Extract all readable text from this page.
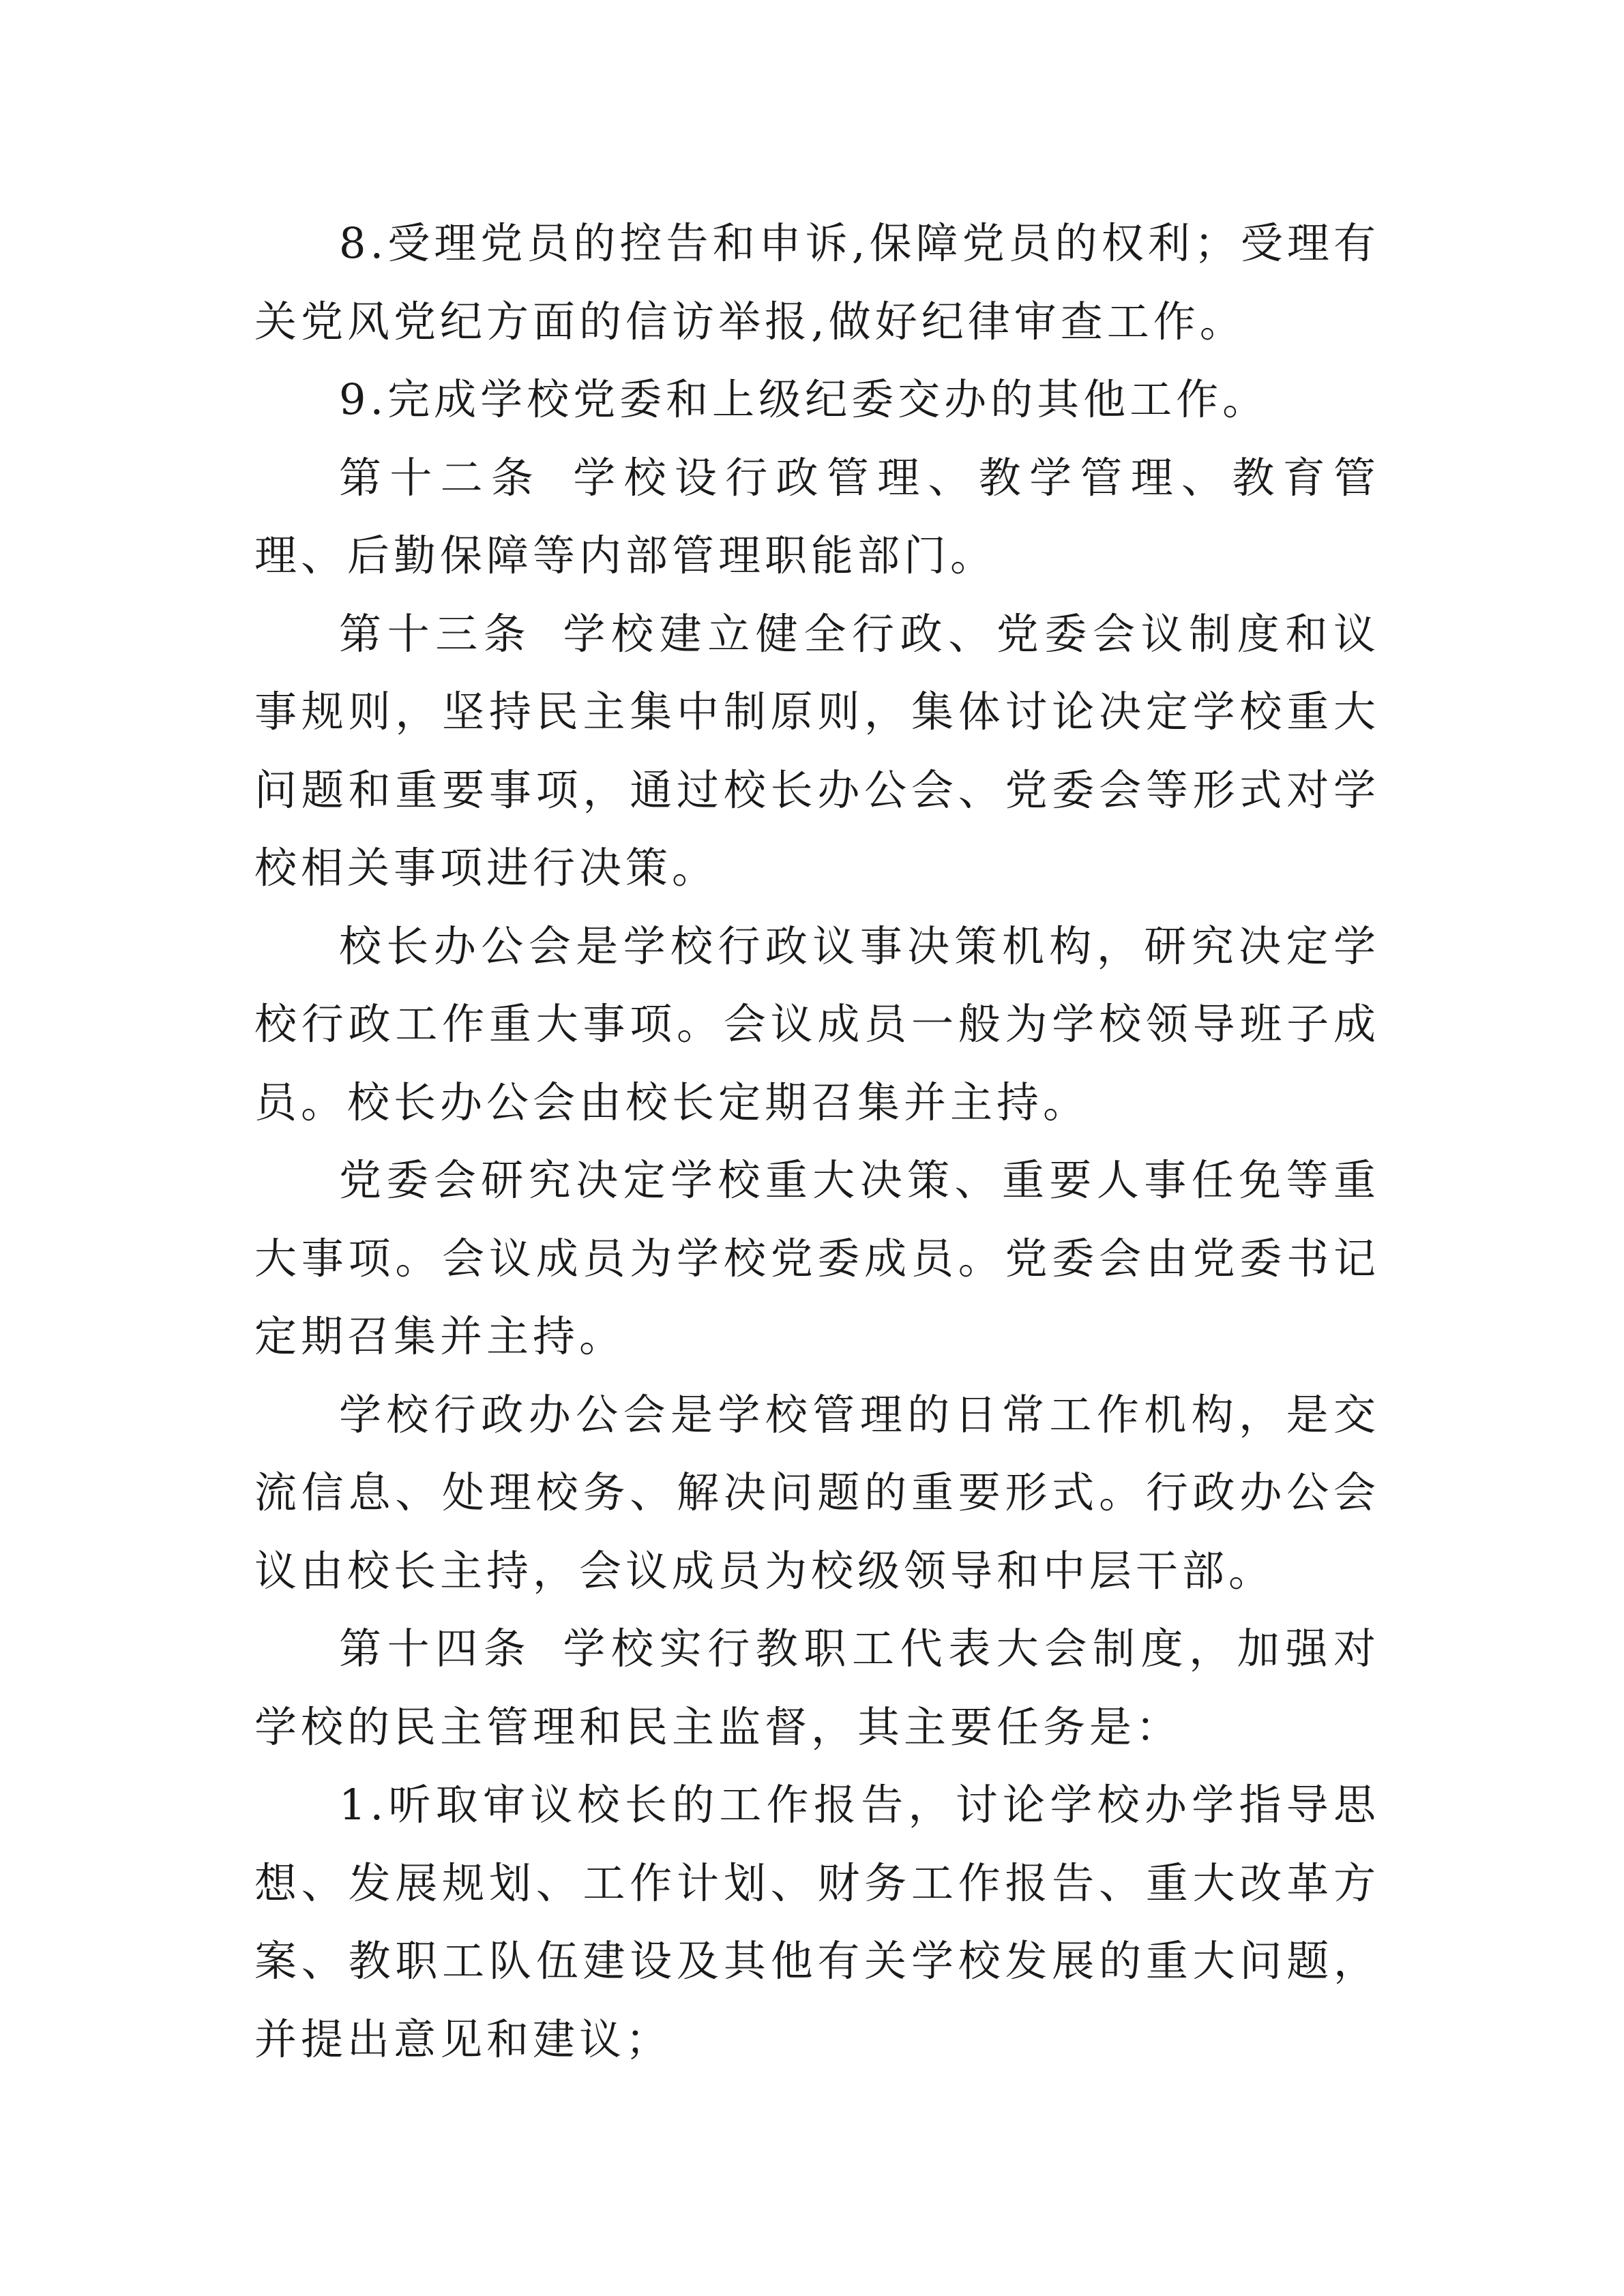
8.受理党员的控告和申诉,保障党员的权利；受理有关党风党纪方面的信访举报,做好纪律审查工作。

9.完成学校党委和上级纪委交办的其他工作。

第十二条 学校设行政管理、教学管理、教育管理、后勤保障等内部管理职能部门。

第十三条 学校建立健全行政、党委会议制度和议事规则，坚持民主集中制原则，集体讨论决定学校重大问题和重要事项，通过校长办公会、党委会等形式对学校相关事项进行决策。

校长办公会是学校行政议事决策机构，研究决定学校行政工作重大事项。会议成员一般为学校领导班子成员。校长办公会由校长定期召集并主持。

党委会研究决定学校重大决策、重要人事任免等重大事项。会议成员为学校党委成员。党委会由党委书记定期召集并主持。

学校行政办公会是学校管理的日常工作机构，是交流信息、处理校务、解决问题的重要形式。行政办公会议由校长主持，会议成员为校级领导和中层干部。

第十四条 学校实行教职工代表大会制度，加强对学校的民主管理和民主监督，其主要任务是：

1.听取审议校长的工作报告，讨论学校办学指导思想、发展规划、工作计划、财务工作报告、重大改革方案、教职工队伍建设及其他有关学校发展的重大问题，并提出意见和建议；
